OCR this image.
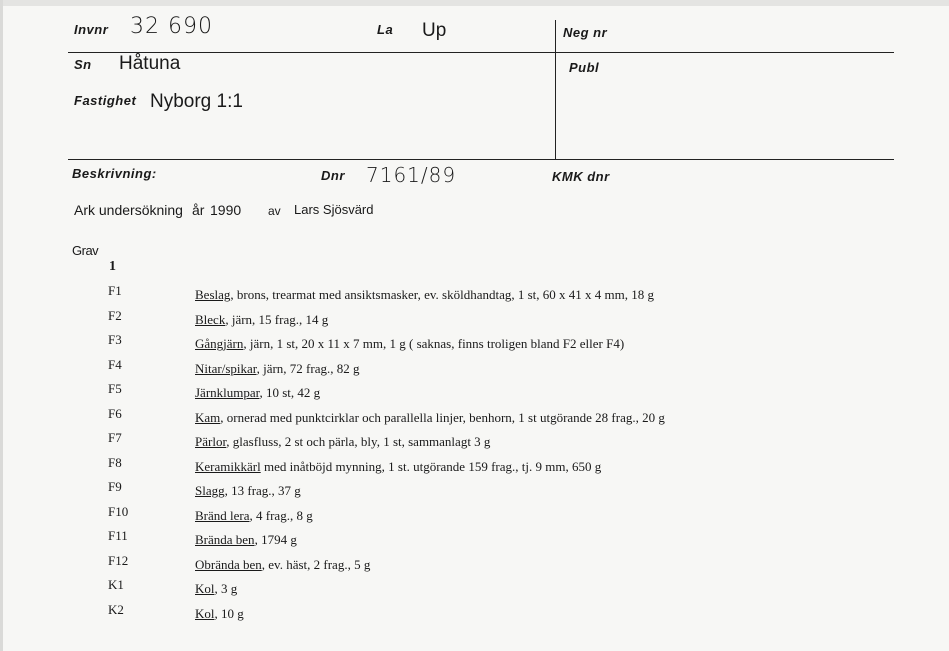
Invnr 32 690	La Up	Neg nr
Sn Håtuna	Publ
Fastighet Nyborg 1:1
Beskrivning:	Dnr 7161/89	KMK dnr
Ark undersökning år 1990 av Lars Sjösvärd
Grav
1
F1	Beslag, brons, trearmat med ansiktsmasker, ev. sköldhandtag, 1 st, 60 x 41 x 4 mm, 18 g
F2	Bleck, järn, 15 frag., 14 g
F3	Gångjärn, järn, 1 st, 20 x 11 x 7 mm, 1 g ( saknas, finns troligen bland F2 eller F4)
F4	Nitar/spikar, järn, 72 frag., 82 g
F5	Järnklumpar, 10 st, 42 g
F6	Kam, ornerad med punktcirklar och parallella linjer, benhorn, 1 st utgörande 28 frag., 20 g
F7	Pärlor, glasfluss, 2 st och pärla, bly, 1 st, sammanlagt 3 g
F8	Keramikkärl med inåtböjd mynning, 1 st. utgörande 159 frag., tj. 9 mm, 650 g
F9	Slagg, 13 frag., 37 g
F10	Bränd lera, 4 frag., 8 g
F11	Brända ben, 1794 g
F12	Obrända ben, ev. häst, 2 frag., 5 g
K1	Kol, 3 g
K2	Kol, 10 g
